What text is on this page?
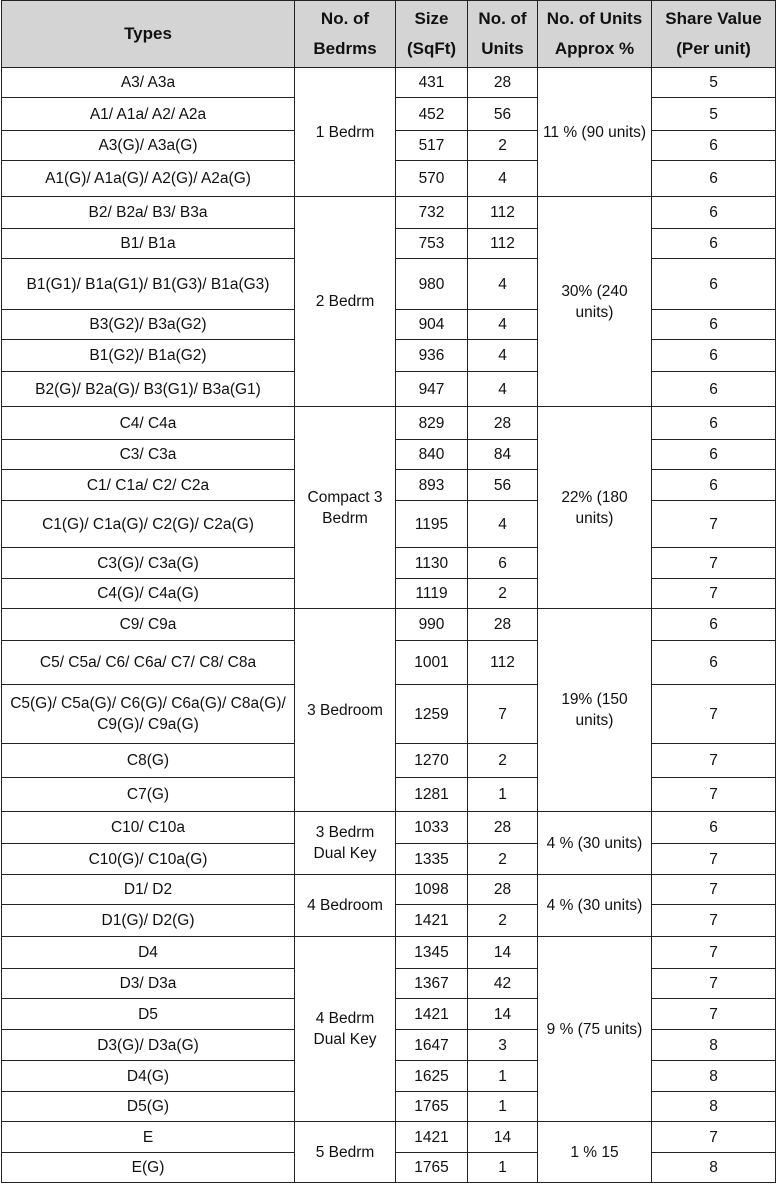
Types	No. of Bedrms	Size (SqFt)	No. of Units	No. of Units Approx %	Share Value (Per unit)
A3/ A3a	1 Bedrm	431	28	11 % (90 units)	5
A1/ A1a/ A2/ A2a		452	56		5
A3(G)/ A3a(G)		517	2		6
A1(G)/ A1a(G)/ A2(G)/ A2a(G)		570	4		6
B2/ B2a/ B3/ B3a	2 Bedrm	732	112	30% (240 units)	6
B1/ B1a		753	112		6
B1(G1)/ B1a(G1)/ B1(G3)/ B1a(G3)		980	4		6
B3(G2)/ B3a(G2)		904	4		6
B1(G2)/ B1a(G2)		936	4		6
B2(G)/ B2a(G)/ B3(G1)/ B3a(G1)		947	4		6
C4/ C4a	Compact 3 Bedrm	829	28	22% (180 units)	6
C3/ C3a		840	84		6
C1/ C1a/ C2/ C2a		893	56		6
C1(G)/ C1a(G)/ C2(G)/ C2a(G)		1195	4		7
C3(G)/ C3a(G)		1130	6		7
C4(G)/ C4a(G)		1119	2		7
C9/ C9a	3 Bedroom	990	28	19% (150 units)	6
C5/ C5a/ C6/ C6a/ C7/ C8/ C8a		1001	112		6
C5(G)/ C5a(G)/ C6(G)/ C6a(G)/ C8a(G)/ C9(G)/ C9a(G)		1259	7		7
C8(G)		1270	2		7
C7(G)		1281	1		7
C10/ C10a	3 Bedrm Dual Key	1033	28	4 % (30 units)	6
C10(G)/ C10a(G)		1335	2		7
D1/ D2	4 Bedroom	1098	28	4 % (30 units)	7
D1(G)/ D2(G)		1421	2		7
D4	4 Bedrm Dual Key	1345	14	9 % (75 units)	7
D3/ D3a		1367	42		7
D5		1421	14		7
D3(G)/ D3a(G)		1647	3		8
D4(G)		1625	1		8
D5(G)		1765	1		8
E	5 Bedrm	1421	14	1 % 15	7
E(G)		1765	1		8
